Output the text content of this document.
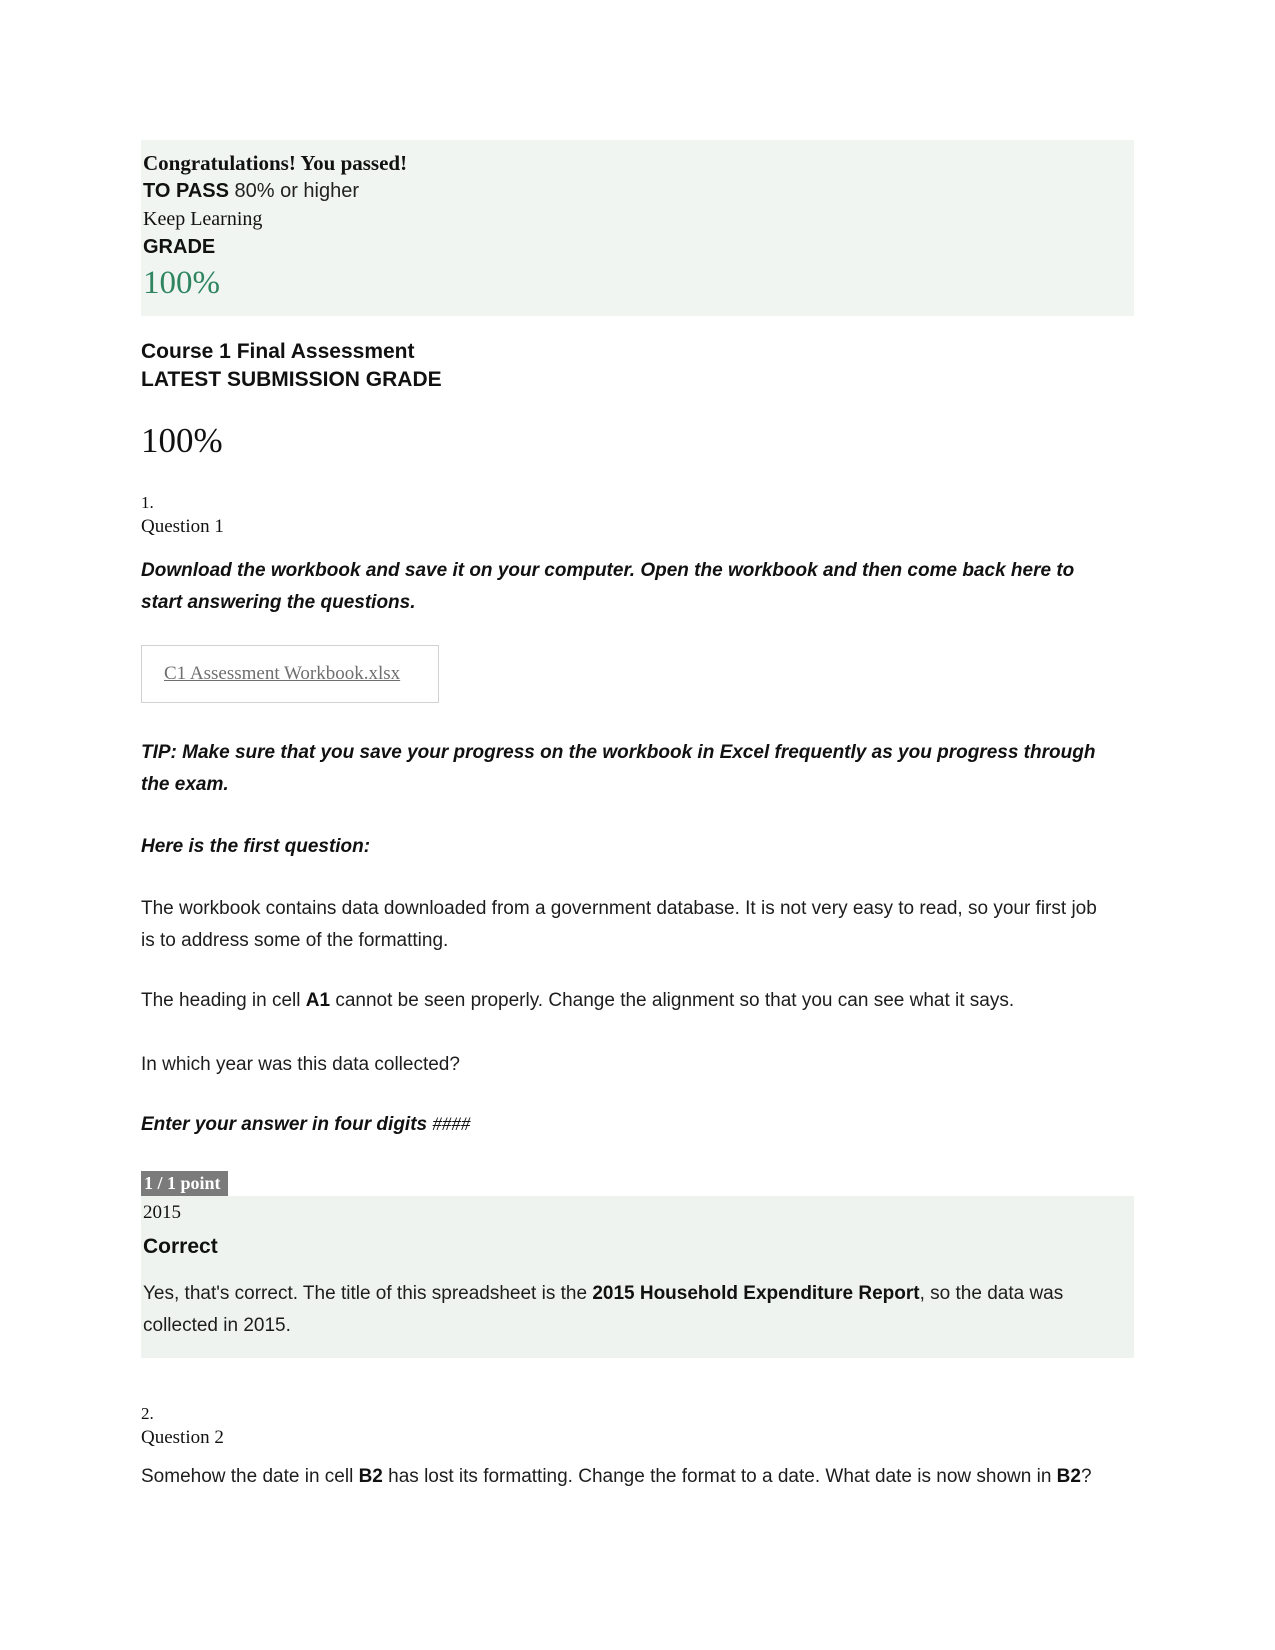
Congratulations! You passed!
TO PASS 80% or higher
Keep Learning
GRADE
100%
Course 1 Final Assessment
LATEST SUBMISSION GRADE
100%
1.
Question 1
Download the workbook and save it on your computer. Open the workbook and then come back here to start answering the questions.
C1 Assessment Workbook.xlsx
TIP: Make sure that you save your progress on the workbook in Excel frequently as you progress through the exam.
Here is the first question:
The workbook contains data downloaded from a government database. It is not very easy to read, so your first job is to address some of the formatting.
The heading in cell A1 cannot be seen properly. Change the alignment so that you can see what it says.
In which year was this data collected?
Enter your answer in four digits ####
1 / 1 point
2015
Correct
Yes, that's correct. The title of this spreadsheet is the 2015 Household Expenditure Report, so the data was collected in 2015.
2.
Question 2
Somehow the date in cell B2 has lost its formatting. Change the format to a date. What date is now shown in B2?
